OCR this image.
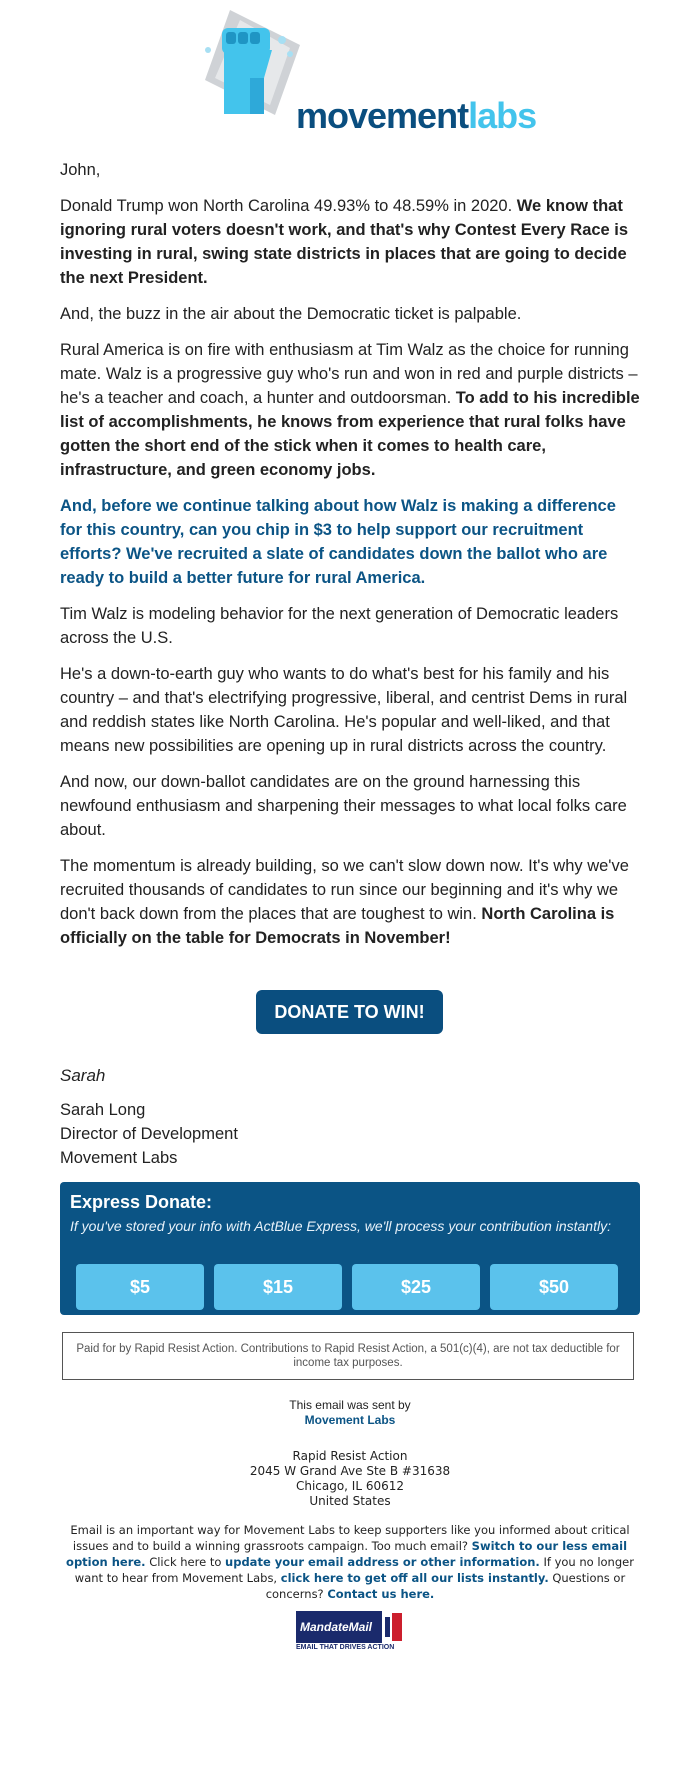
movementlabs

John,

Donald Trump won North Carolina 49.93% to 48.59% in 2020. We know that ignoring rural voters doesn't work, and that's why Contest Every Race is investing in rural, swing state districts in places that are going to decide the next President.

And, the buzz in the air about the Democratic ticket is palpable.

Rural America is on fire with enthusiasm at Tim Walz as the choice for running mate. Walz is a progressive guy who's run and won in red and purple districts – he's a teacher and coach, a hunter and outdoorsman. To add to his incredible list of accomplishments, he knows from experience that rural folks have gotten the short end of the stick when it comes to health care, infrastructure, and green economy jobs.

And, before we continue talking about how Walz is making a difference for this country, can you chip in $3 to help support our recruitment efforts? We've recruited a slate of candidates down the ballot who are ready to build a better future for rural America.

Tim Walz is modeling behavior for the next generation of Democratic leaders across the U.S.

He's a down-to-earth guy who wants to do what's best for his family and his country – and that's electrifying progressive, liberal, and centrist Dems in rural and reddish states like North Carolina. He's popular and well-liked, and that means new possibilities are opening up in rural districts across the country.

And now, our down-ballot candidates are on the ground harnessing this newfound enthusiasm and sharpening their messages to what local folks care about.

The momentum is already building, so we can't slow down now. It's why we've recruited thousands of candidates to run since our beginning and it's why we don't back down from the places that are toughest to win. North Carolina is officially on the table for Democrats in November!

DONATE TO WIN!
Sarah
Sarah Long
Director of Development
Movement Labs
Express Donate:
If you've stored your info with ActBlue Express, we'll process your contribution instantly:
$5	$15	$25	$50
Paid for by Rapid Resist Action. Contributions to Rapid Resist Action, a 501(c)(4), are not tax deductible for income tax purposes.
This email was sent by
Movement Labs
Rapid Resist Action
2045 W Grand Ave Ste B #31638
Chicago, IL 60612
United States
Email is an important way for Movement Labs to keep supporters like you informed about critical issues and to build a winning grassroots campaign. Too much email? Switch to our less email option here. Click here to update your email address or other information. If you no longer want to hear from Movement Labs, click here to get off all our lists instantly. Questions or concerns? Contact us here.
MandateMail
EMAIL THAT DRIVES ACTION
